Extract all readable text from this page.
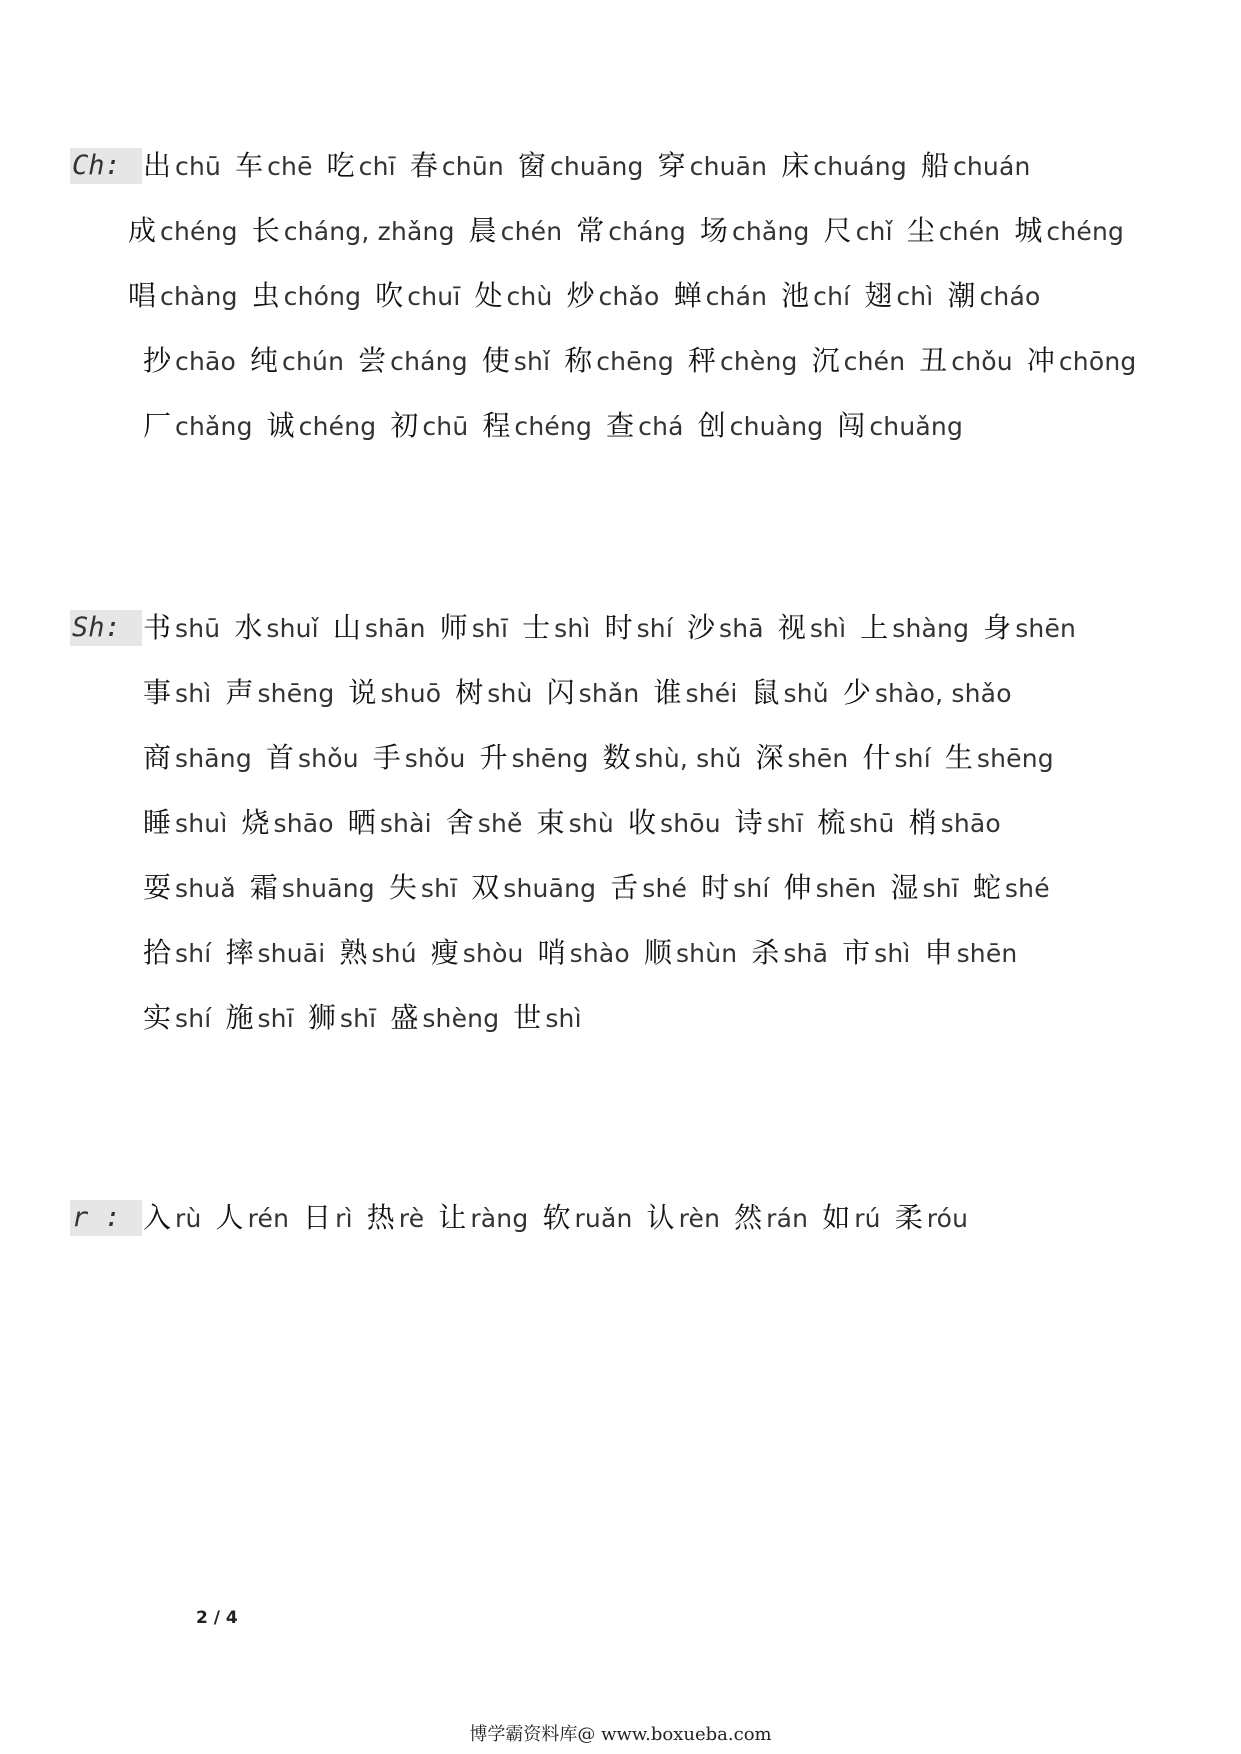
Ch: 出 chū 车 chē 吃 chī 春 chūn 窗 chuāng 穿 chuān 床 chuáng 船 chuán
成 chéng 长 cháng, zhǎng 晨 chén 常 cháng 场 chǎng 尺 chǐ 尘 chén 城 chéng
唱 chàng 虫 chóng 吹 chuī 处 chù 炒 chǎo 蝉 chán 池 chí 翅 chì 潮 cháo
抄 chāo 纯 chún 尝 cháng 使 shǐ 称 chēng 秤 chèng 沉 chén 丑 chǒu 冲 chōng
厂 chǎng 诚 chéng 初 chū 程 chéng 查 chá 创 chuàng 闯 chuǎng
Sh: 书 shū 水 shuǐ 山 shān 师 shī 士 shì 时 shí 沙 shā 视 shì 上 shàng 身 shēn
事 shì 声 shēng 说 shuō 树 shù 闪 shǎn 谁 shéi 鼠 shǔ 少 shào, shǎo
商 shāng 首 shǒu 手 shǒu 升 shēng 数 shù, shǔ 深 shēn 什 shí 生 shēng
睡 shuì 烧 shāo 晒 shài 舍 shě 束 shù 收 shōu 诗 shī 梳 shū 梢 shāo
耍 shuǎ 霜 shuāng 失 shī 双 shuāng 舌 shé 时 shí 伸 shēn 湿 shī 蛇 shé
拾 shí 摔 shuāi 熟 shú 瘦 shòu 哨 shào 顺 shùn 杀 shā 市 shì 申 shēn
实 shí 施 shī 狮 shī 盛 shèng 世 shì
r : 入 rù 人 rén 日 rì 热 rè 让 ràng 软 ruǎn 认 rèn 然 rán 如 rú 柔 róu
2 / 4
博学霸资料库@ www.boxueba.com
